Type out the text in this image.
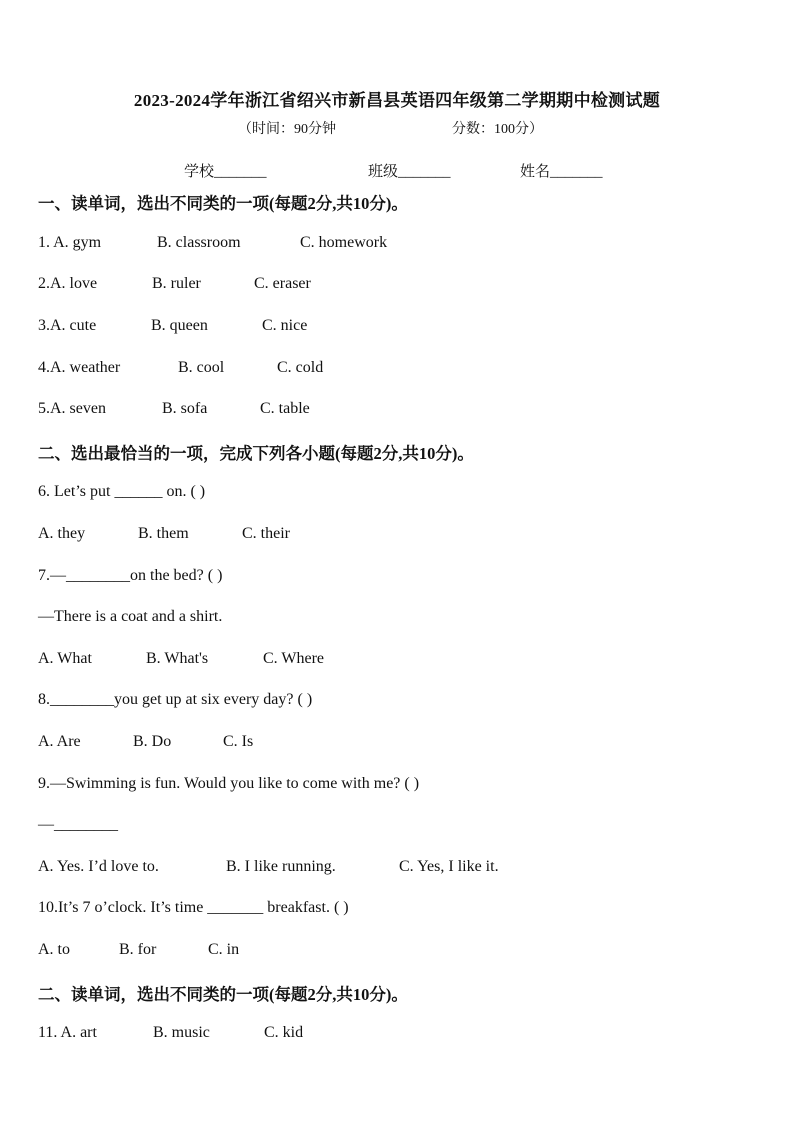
2023-2024学年浙江省绍兴市新昌县英语四年级第二学期期中检测试题
（时间：90分钟	分数：100分）
学校_______	班级_______	姓名_______
一、读单词，选出不同类的一项(每题2分,共10分)。
1. A. gym	B. classroom	C. homework
2.A. love	B. ruler	C. eraser
3.A. cute	B. queen	C. nice
4.A. weather	B. cool	C. cold
5.A. seven	B. sofa	C. table
二、选出最恰当的一项，完成下列各小题(每题2分,共10分)。
6. Let’s put ______ on. ( )
A. they	B. them	C. their
7.—________on the bed? ( )
—There is a coat and a shirt.
A. What	B. What's	C. Where
8.________you get up at six every day? ( )
A. Are	B. Do	C. Is
9.—Swimming is fun. Would you like to come with me? ( )
—________
A. Yes. I’d love to.	B. I like running.	C. Yes, I like it.
10.It’s 7 o’clock. It’s time _______ breakfast. ( )
A. to	B. for	C. in
二、读单词，选出不同类的一项(每题2分,共10分)。
11. A. art	B. music	C. kid
